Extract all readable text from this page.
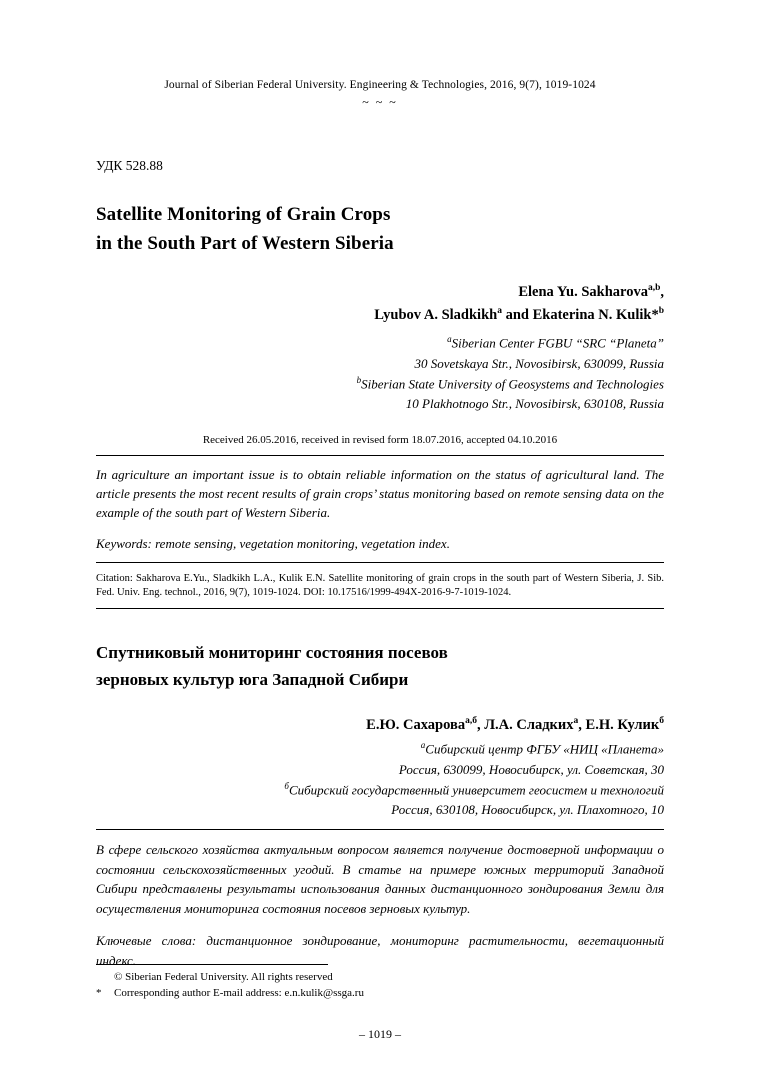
Journal of Siberian Federal University. Engineering & Technologies, 2016, 9(7), 1019-1024
~ ~ ~
УДК 528.88
Satellite Monitoring of Grain Crops
in the South Part of Western Siberia
Elena Yu. Sakharova$^{a,b}$,
Lyubov A. Sladkikh$^a$ and Ekaterina N. Kulik*$^b$
$^a$Siberian Center FGBU “SRC “Planeta”
30 Sovetskaya Str., Novosibirsk, 630099, Russia
$^b$Siberian State University of Geosystems and Technologies
10 Plakhotnogo Str., Novosibirsk, 630108, Russia
Received 26.05.2016, received in revised form 18.07.2016, accepted 04.10.2016
In agriculture an important issue is to obtain reliable information on the status of agricultural land. The article presents the most recent results of grain crops’ status monitoring based on remote sensing data on the example of the south part of Western Siberia.
Keywords: remote sensing, vegetation monitoring, vegetation index.
Citation: Sakharova E.Yu., Sladkikh L.A., Kulik E.N. Satellite monitoring of grain crops in the south part of Western Siberia, J. Sib. Fed. Univ. Eng. technol., 2016, 9(7), 1019-1024. DOI: 10.17516/1999-494X-2016-9-7-1019-1024.
Спутниковый мониторинг состояния посевов
зерновых культур юга Западной Сибири
Е.Ю. Сахарова$^{а,б}$, Л.А. Сладких$^а$, Е.Н. Кулик$^б$
$^а$Сибирский центр ФГБУ «НИЦ «Планета»
Россия, 630099, Новосибирск, ул. Советская, 30
$^б$Сибирский государственный университет геосистем и технологий
Россия, 630108, Новосибирск, ул. Плахотного, 10
В сфере сельского хозяйства актуальным вопросом является получение достоверной информации о состоянии сельскохозяйственных угодий. В статье на примере южных территорий Западной Сибири представлены результаты использования данных дистанционного зондирования Земли для осуществления мониторинга состояния посевов зерновых культур.
Ключевые слова: дистанционное зондирование, мониторинг растительности, вегетационный индекс.
© Siberian Federal University. All rights reserved
* Corresponding author E-mail address: e.n.kulik@ssga.ru
– 1019 –
